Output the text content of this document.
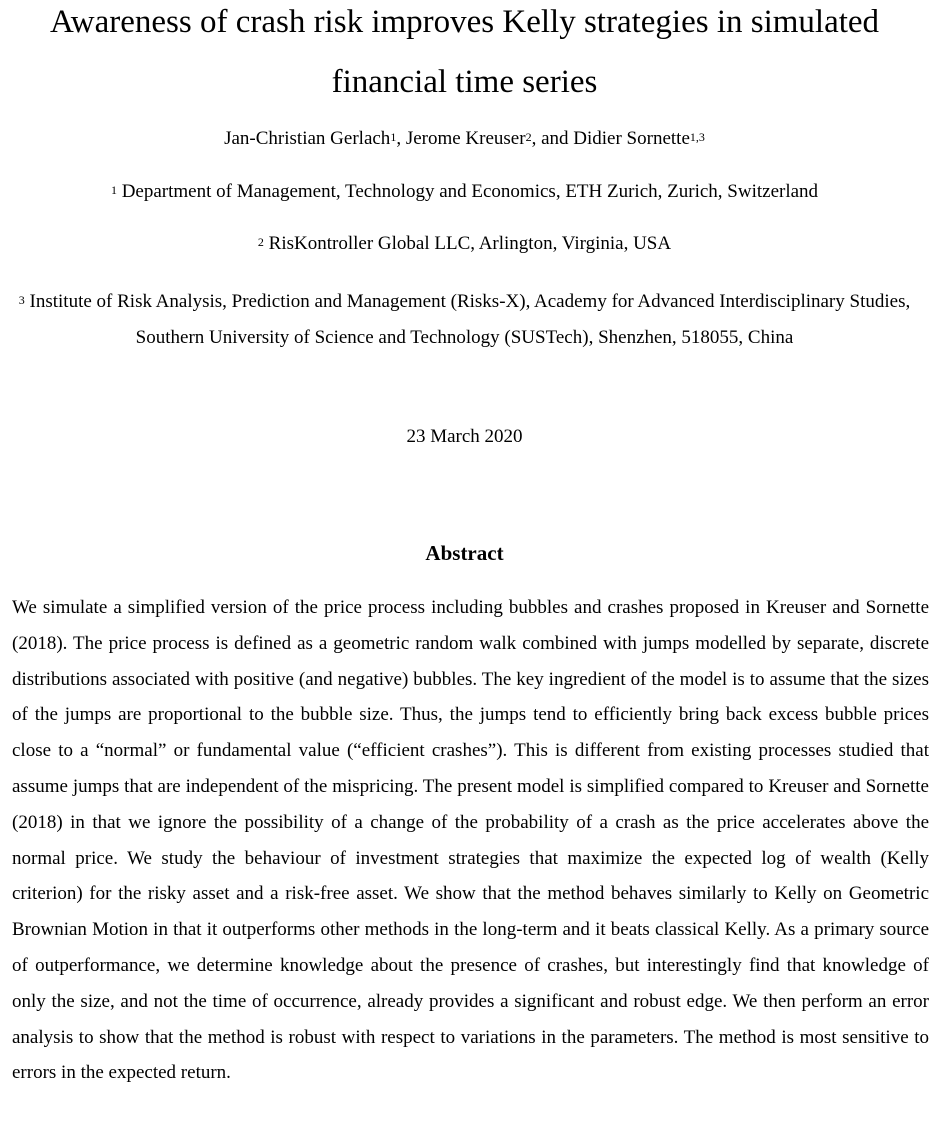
Awareness of crash risk improves Kelly strategies in simulated
financial time series
Jan-Christian Gerlach$^1$, Jerome Kreuser$^2$, and Didier Sornette$^{1,3}$
$^1$ Department of Management, Technology and Economics, ETH Zurich, Zurich, Switzerland
$^2$ RisKontroller Global LLC, Arlington, Virginia, USA
$^3$ Institute of Risk Analysis, Prediction and Management (Risks-X), Academy for Advanced Interdisciplinary Studies, Southern University of Science and Technology (SUSTech), Shenzhen, 518055, China
23 March 2020
Abstract

We simulate a simplified version of the price process including bubbles and crashes proposed in Kreuser and Sornette (2018). The price process is defined as a geometric random walk combined with jumps modelled by separate, discrete distributions associated with positive (and negative) bubbles. The key ingredient of the model is to assume that the sizes of the jumps are proportional to the bubble size. Thus, the jumps tend to efficiently bring back excess bubble prices close to a “normal” or fundamental value (“efficient crashes”). This is different from existing processes studied that assume jumps that are independent of the mispricing. The present model is simplified compared to Kreuser and Sornette (2018) in that we ignore the possibility of a change of the probability of a crash as the price accelerates above the normal price. We study the behaviour of investment strategies that maximize the expected log of wealth (Kelly criterion) for the risky asset and a risk-free asset. We show that the method behaves similarly to Kelly on Geometric Brownian Motion in that it outperforms other methods in the long-term and it beats classical Kelly. As a primary source of outperformance, we determine knowledge about the presence of crashes, but interestingly find that knowledge of only the size, and not the time of occurrence, already provides a significant and robust edge. We then perform an error analysis to show that the method is robust with respect to variations in the parameters. The method is most sensitive to errors in the expected return.
